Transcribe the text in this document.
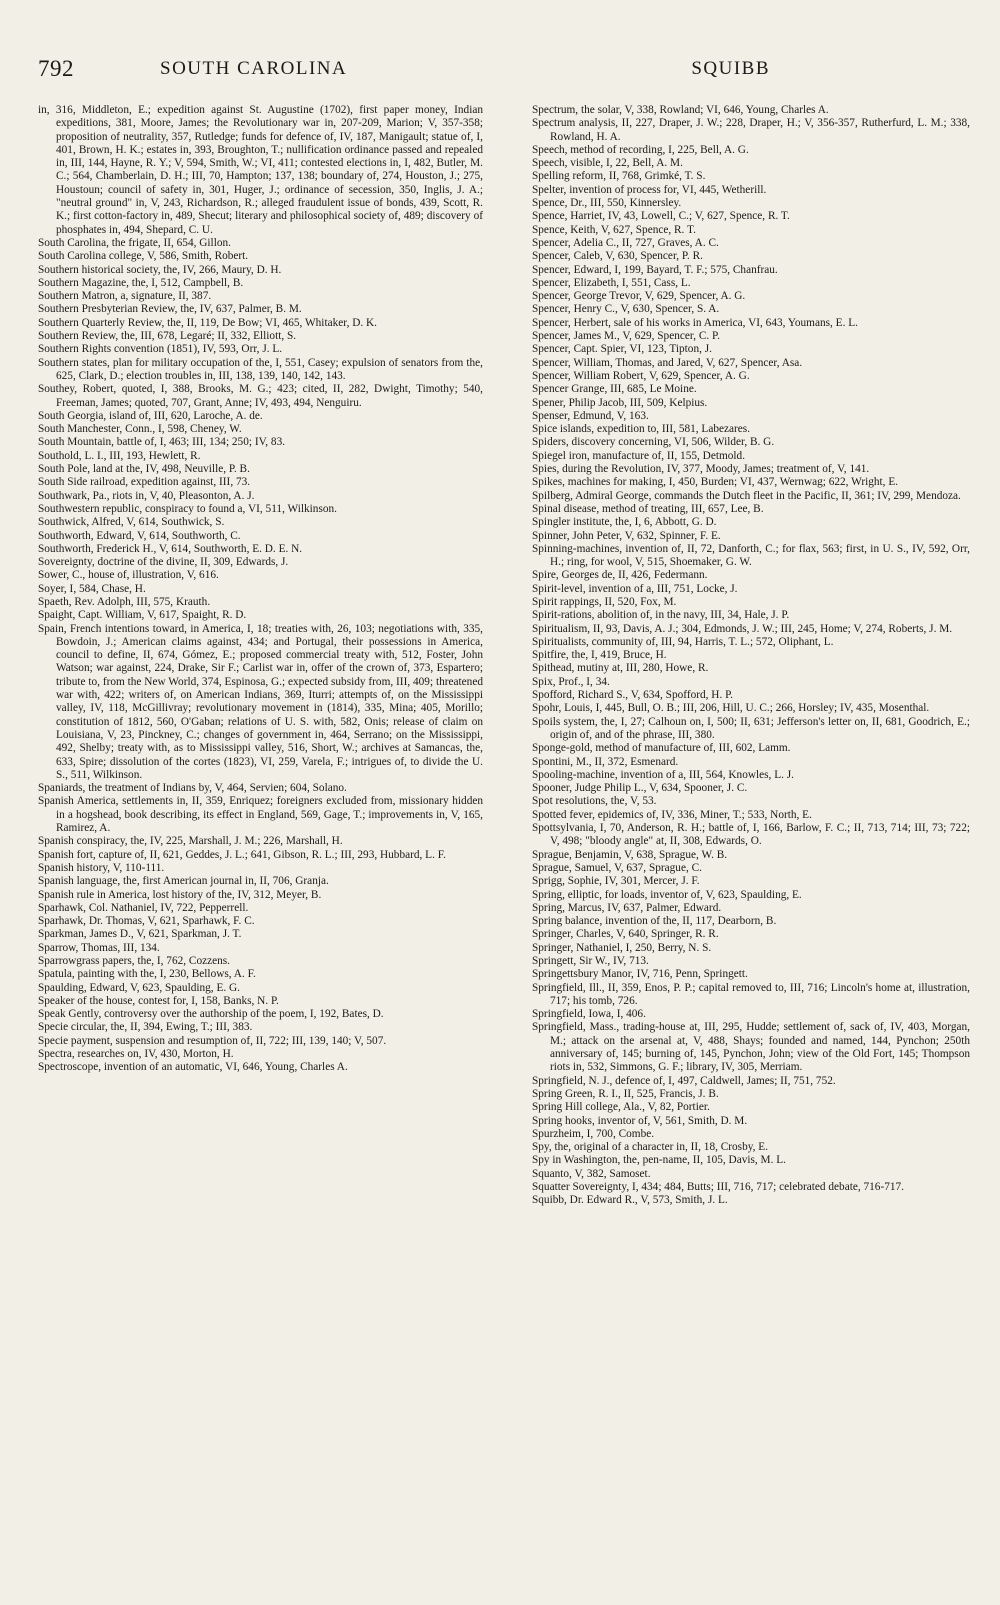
792	SOUTH CAROLINA	SQUIBB

in, 316, Middleton, E.; expedition against St. Augustine (1702), first paper money, Indian expeditions, 381, Moore, James; the Revolutionary war in, 207-209, Marion; V, 357-358; proposition of neutrality, 357, Rutledge; funds for defence of, IV, 187, Manigault; statue of, I, 401, Brown, H. K.; estates in, 393, Broughton, T.; nullification ordinance passed and repealed in, III, 144, Hayne, R. Y.; V, 594, Smith, W.; VI, 411; contested elections in, I, 482, Butler, M. C.; 564, Chamberlain, D. H.; III, 70, Hampton; 137, 138; boundary of, 274, Houston, J.; 275, Houstoun; council of safety in, 301, Huger, J.; ordinance of secession, 350, Inglis, J. A.; "neutral ground" in, V, 243, Richardson, R.; alleged fraudulent issue of bonds, 439, Scott, R. K.; first cotton-factory in, 489, Shecut; literary and philosophical society of, 489; discovery of phosphates in, 494, Shepard, C. U.

South Carolina, the frigate, II, 654, Gillon.

South Carolina college, V, 586, Smith, Robert.

Southern historical society, the, IV, 266, Maury, D. H.

Southern Magazine, the, I, 512, Campbell, B.

Southern Matron, a, signature, II, 387.

Southern Presbyterian Review, the, IV, 637, Palmer, B. M.

Southern Quarterly Review, the, II, 119, De Bow; VI, 465, Whitaker, D. K.

Southern Review, the, III, 678, Legaré; II, 332, Elliott, S.

Southern Rights convention (1851), IV, 593, Orr, J. L.

Southern states, plan for military occupation of the, I, 551, Casey; expulsion of senators from the, 625, Clark, D.; election troubles in, III, 138, 139, 140, 142, 143.

Southey, Robert, quoted, I, 388, Brooks, M. G.; 423; cited, II, 282, Dwight, Timothy; 540, Freeman, James; quoted, 707, Grant, Anne; IV, 493, 494, Nenguiru.

South Georgia, island of, III, 620, Laroche, A. de.

South Manchester, Conn., I, 598, Cheney, W.

South Mountain, battle of, I, 463; III, 134; 250; IV, 83.

Southold, L. I., III, 193, Hewlett, R.

South Pole, land at the, IV, 498, Neuville, P. B.

South Side railroad, expedition against, III, 73.

Southwark, Pa., riots in, V, 40, Pleasonton, A. J.

Southwestern republic, conspiracy to found a, VI, 511, Wilkinson.

Southwick, Alfred, V, 614, Southwick, S.

Southworth, Edward, V, 614, Southworth, C.

Southworth, Frederick H., V, 614, Southworth, E. D. E. N.

Sovereignty, doctrine of the divine, II, 309, Edwards, J.

Sower, C., house of, illustration, V, 616.

Soyer, I, 584, Chase, H.

Spaeth, Rev. Adolph, III, 575, Krauth.

Spaight, Capt. William, V, 617, Spaight, R. D.

Spain, French intentions toward, in America, I, 18; treaties with, 26, 103; negotiations with, 335, Bowdoin, J.; American claims against, 434; and Portugal, their possessions in America, council to define, II, 674, Gómez, E.; proposed commercial treaty with, 512, Foster, John Watson; war against, 224, Drake, Sir F.; Carlist war in, offer of the crown of, 373, Espartero; tribute to, from the New World, 374, Espinosa, G.; expected subsidy from, III, 409; threatened war with, 422; writers of, on American Indians, 369, Iturri; attempts of, on the Mississippi valley, IV, 118, McGillivray; revolutionary movement in (1814), 335, Mina; 405, Morillo; constitution of 1812, 560, O'Gaban; relations of U. S. with, 582, Onis; release of claim on Louisiana, V, 23, Pinckney, C.; changes of government in, 464, Serrano; on the Mississippi, 492, Shelby; treaty with, as to Mississippi valley, 516, Short, W.; archives at Samancas, the, 633, Spire; dissolution of the cortes (1823), VI, 259, Varela, F.; intrigues of, to divide the U. S., 511, Wilkinson.

Spaniards, the treatment of Indians by, V, 464, Servien; 604, Solano.

Spanish America, settlements in, II, 359, Enriquez; foreigners excluded from, missionary hidden in a hogshead, book describing, its effect in England, 569, Gage, T.; improvements in, V, 165, Ramirez, A.

Spanish conspiracy, the, IV, 225, Marshall, J. M.; 226, Marshall, H.

Spanish fort, capture of, II, 621, Geddes, J. L.; 641, Gibson, R. L.; III, 293, Hubbard, L. F.

Spanish history, V, 110-111.

Spanish language, the, first American journal in, II, 706, Granja.

Spanish rule in America, lost history of the, IV, 312, Meyer, B.

Sparhawk, Col. Nathaniel, IV, 722, Pepperrell.

Sparhawk, Dr. Thomas, V, 621, Sparhawk, F. C.

Sparkman, James D., V, 621, Sparkman, J. T.

Sparrow, Thomas, III, 134.

Sparrowgrass papers, the, I, 762, Cozzens.

Spatula, painting with the, I, 230, Bellows, A. F.

Spaulding, Edward, V, 623, Spaulding, E. G.

Speaker of the house, contest for, I, 158, Banks, N. P.

Speak Gently, controversy over the authorship of the poem, I, 192, Bates, D.

Specie circular, the, II, 394, Ewing, T.; III, 383.

Specie payment, suspension and resumption of, II, 722; III, 139, 140; V, 507.

Spectra, researches on, IV, 430, Morton, H.

Spectroscope, invention of an automatic, VI, 646, Young, Charles A.

Spectrum, the solar, V, 338, Rowland; VI, 646, Young, Charles A.

Spectrum analysis, II, 227, Draper, J. W.; 228, Draper, H.; V, 356-357, Rutherfurd, L. M.; 338, Rowland, H. A.

Speech, method of recording, I, 225, Bell, A. G.

Speech, visible, I, 22, Bell, A. M.

Spelling reform, II, 768, Grimké, T. S.

Spelter, invention of process for, VI, 445, Wetherill.

Spence, Dr., III, 550, Kinnersley.

Spence, Harriet, IV, 43, Lowell, C.; V, 627, Spence, R. T.

Spence, Keith, V, 627, Spence, R. T.

Spencer, Adelia C., II, 727, Graves, A. C.

Spencer, Caleb, V, 630, Spencer, P. R.

Spencer, Edward, I, 199, Bayard, T. F.; 575, Chanfrau.

Spencer, Elizabeth, I, 551, Cass, L.

Spencer, George Trevor, V, 629, Spencer, A. G.

Spencer, Henry C., V, 630, Spencer, S. A.

Spencer, Herbert, sale of his works in America, VI, 643, Youmans, E. L.

Spencer, James M., V, 629, Spencer, C. P.

Spencer, Capt. Spier, VI, 123, Tipton, J.

Spencer, William, Thomas, and Jared, V, 627, Spencer, Asa.

Spencer, William Robert, V, 629, Spencer, A. G.

Spencer Grange, III, 685, Le Moine.

Spener, Philip Jacob, III, 509, Kelpius.

Spenser, Edmund, V, 163.

Spice islands, expedition to, III, 581, Labezares.

Spiders, discovery concerning, VI, 506, Wilder, B. G.

Spiegel iron, manufacture of, II, 155, Detmold.

Spies, during the Revolution, IV, 377, Moody, James; treatment of, V, 141.

Spikes, machines for making, I, 450, Burden; VI, 437, Wernwag; 622, Wright, E.

Spilberg, Admiral George, commands the Dutch fleet in the Pacific, II, 361; IV, 299, Mendoza.

Spinal disease, method of treating, III, 657, Lee, B.

Spingler institute, the, I, 6, Abbott, G. D.

Spinner, John Peter, V, 632, Spinner, F. E.

Spinning-machines, invention of, II, 72, Danforth, C.; for flax, 563; first, in U. S., IV, 592, Orr, H.; ring, for wool, V, 515, Shoemaker, G. W.

Spire, Georges de, II, 426, Federmann.

Spirit-level, invention of a, III, 751, Locke, J.

Spirit rappings, II, 520, Fox, M.

Spirit-rations, abolition of, in the navy, III, 34, Hale, J. P.

Spiritualism, II, 93, Davis, A. J.; 304, Edmonds, J. W.; III, 245, Home; V, 274, Roberts, J. M.

Spiritualists, community of, III, 94, Harris, T. L.; 572, Oliphant, L.

Spitfire, the, I, 419, Bruce, H.

Spithead, mutiny at, III, 280, Howe, R.

Spix, Prof., I, 34.

Spofford, Richard S., V, 634, Spofford, H. P.

Spohr, Louis, I, 445, Bull, O. B.; III, 206, Hill, U. C.; 266, Horsley; IV, 435, Mosenthal.

Spoils system, the, I, 27; Calhoun on, I, 500; II, 631; Jefferson's letter on, II, 681, Goodrich, E.; origin of, and of the phrase, III, 380.

Sponge-gold, method of manufacture of, III, 602, Lamm.

Spontini, M., II, 372, Esmenard.

Spooling-machine, invention of a, III, 564, Knowles, L. J.

Spooner, Judge Philip L., V, 634, Spooner, J. C.

Spot resolutions, the, V, 53.

Spotted fever, epidemics of, IV, 336, Miner, T.; 533, North, E.

Spottsylvania, I, 70, Anderson, R. H.; battle of, I, 166, Barlow, F. C.; II, 713, 714; III, 73; 722; V, 498; "bloody angle" at, II, 308, Edwards, O.

Sprague, Benjamin, V, 638, Sprague, W. B.

Sprague, Samuel, V, 637, Sprague, C.

Sprigg, Sophie, IV, 301, Mercer, J. F.

Spring, elliptic, for loads, inventor of, V, 623, Spaulding, E.

Spring, Marcus, IV, 637, Palmer, Edward.

Spring balance, invention of the, II, 117, Dearborn, B.

Springer, Charles, V, 640, Springer, R. R.

Springer, Nathaniel, I, 250, Berry, N. S.

Springett, Sir W., IV, 713.

Springettsbury Manor, IV, 716, Penn, Springett.

Springfield, Ill., II, 359, Enos, P. P.; capital removed to, III, 716; Lincoln's home at, illustration, 717; his tomb, 726.

Springfield, Iowa, I, 406.

Springfield, Mass., trading-house at, III, 295, Hudde; settlement of, sack of, IV, 403, Morgan, M.; attack on the arsenal at, V, 488, Shays; founded and named, 144, Pynchon; 250th anniversary of, 145; burning of, 145, Pynchon, John; view of the Old Fort, 145; Thompson riots in, 532, Simmons, G. F.; library, IV, 305, Merriam.

Springfield, N. J., defence of, I, 497, Caldwell, James; II, 751, 752.

Spring Green, R. I., II, 525, Francis, J. B.

Spring Hill college, Ala., V, 82, Portier.

Spring hooks, inventor of, V, 561, Smith, D. M.

Spurzheim, I, 700, Combe.

Spy, the, original of a character in, II, 18, Crosby, E.

Spy in Washington, the, pen-name, II, 105, Davis, M. L.

Squanto, V, 382, Samoset.

Squatter Sovereignty, I, 434; 484, Butts; III, 716, 717; celebrated debate, 716-717.

Squibb, Dr. Edward R., V, 573, Smith, J. L.
